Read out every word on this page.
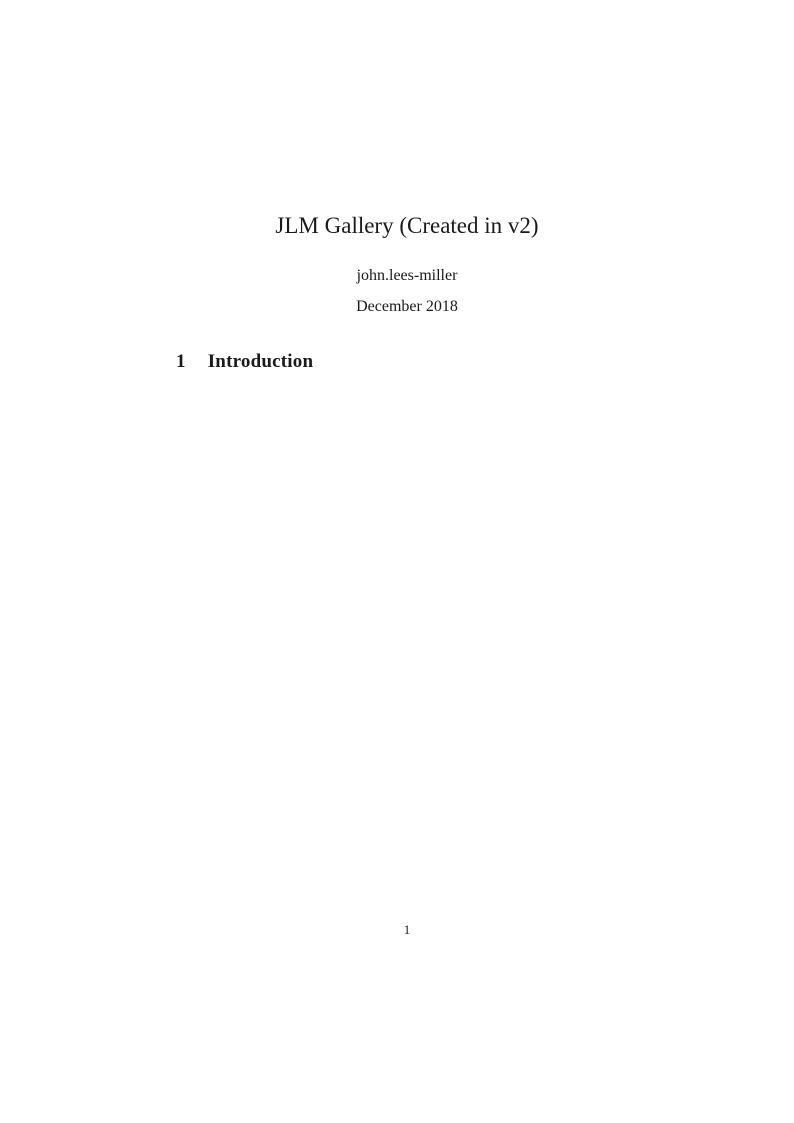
JLM Gallery (Created in v2)
john.lees-miller
December 2018
1 Introduction
1
